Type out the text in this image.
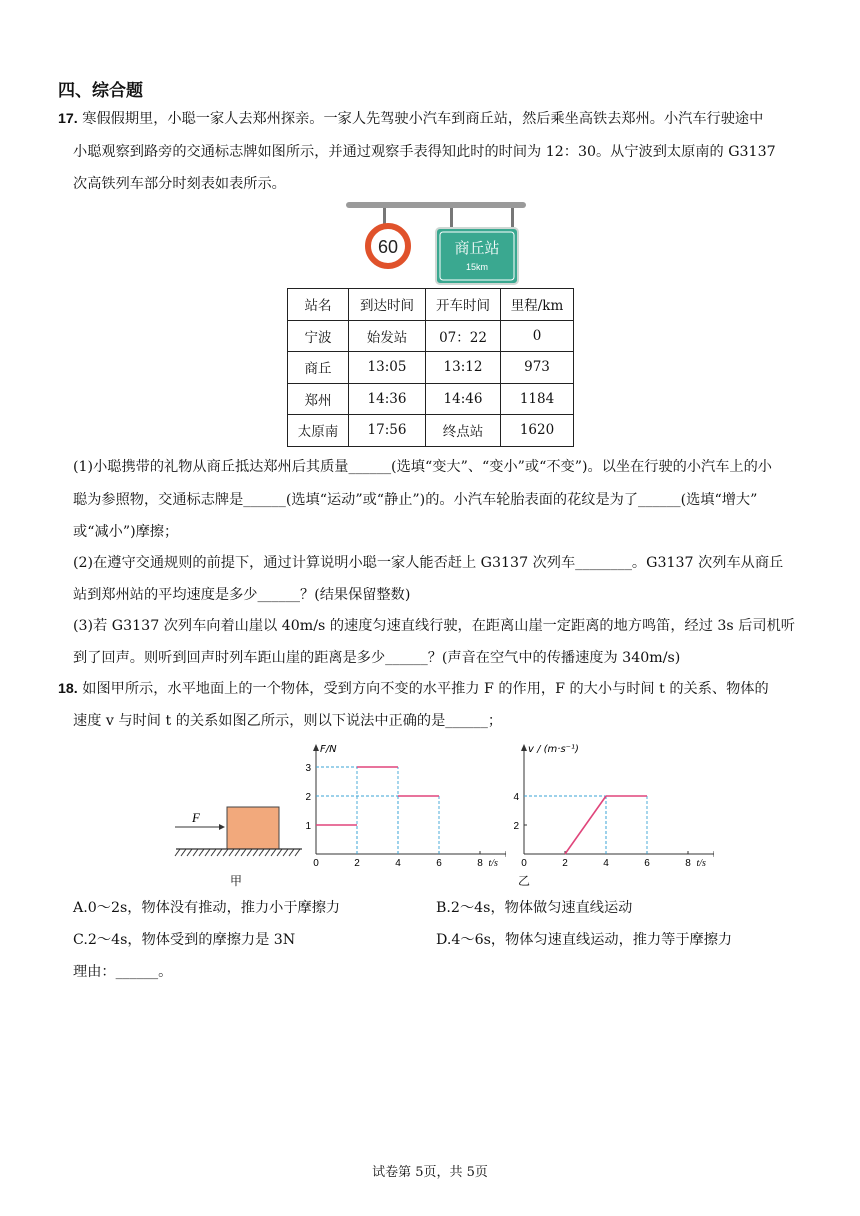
四、综合题
17. 寒假假期里，小聪一家人去郑州探亲。一家人先驾驶小汽车到商丘站，然后乘坐高铁去郑州。小汽车行驶途中
小聪观察到路旁的交通标志牌如图所示，并通过观察手表得知此时的时间为 12：30。从宁波到太原南的 G3137
次高铁列车部分时刻表如表所示。
60	商丘站
15km
站名	到达时间	开车时间	里程/km
宁波	始发站	07：22	0
商丘	13:05	13:12	973
郑州	14:36	14:46	1184
太原南	17:56	终点站	1620
(1)小聪携带的礼物从商丘抵达郑州后其质量______(选填“变大”、“变小”或“不变”)。以坐在行驶的小汽车上的小
聪为参照物，交通标志牌是______(选填“运动”或“静止”)的。小汽车轮胎表面的花纹是为了______(选填“增大”
或“减小”)摩擦；
(2)在遵守交通规则的前提下，通过计算说明小聪一家人能否赶上 G3137 次列车________。G3137 次列车从商丘
站到郑州站的平均速度是多少______？(结果保留整数)
(3)若 G3137 次列车向着山崖以 40m/s 的速度匀速直线行驶，在距离山崖一定距离的地方鸣笛，经过 3s 后司机听
到了回声。则听到回声时列车距山崖的距离是多少______？(声音在空气中的传播速度为 340m/s)
18. 如图甲所示，水平地面上的一个物体，受到方向不变的水平推力 F 的作用，F 的大小与时间 t 的关系、物体的
速度 v 与时间 t 的关系如图乙所示，则以下说法中正确的是______；
F
甲	乙
F/N
t/s
0	2	4	6	8
1
2
3
v / (m·s⁻¹)
t/s
0	2	4	6	8
2
4
A.0～2s，物体没有推动，推力小于摩擦力	B.2～4s，物体做匀速直线运动
C.2～4s，物体受到的摩擦力是 3N	D.4～6s，物体匀速直线运动，推力等于摩擦力
理由：______。
试卷第 5页，共 5页
